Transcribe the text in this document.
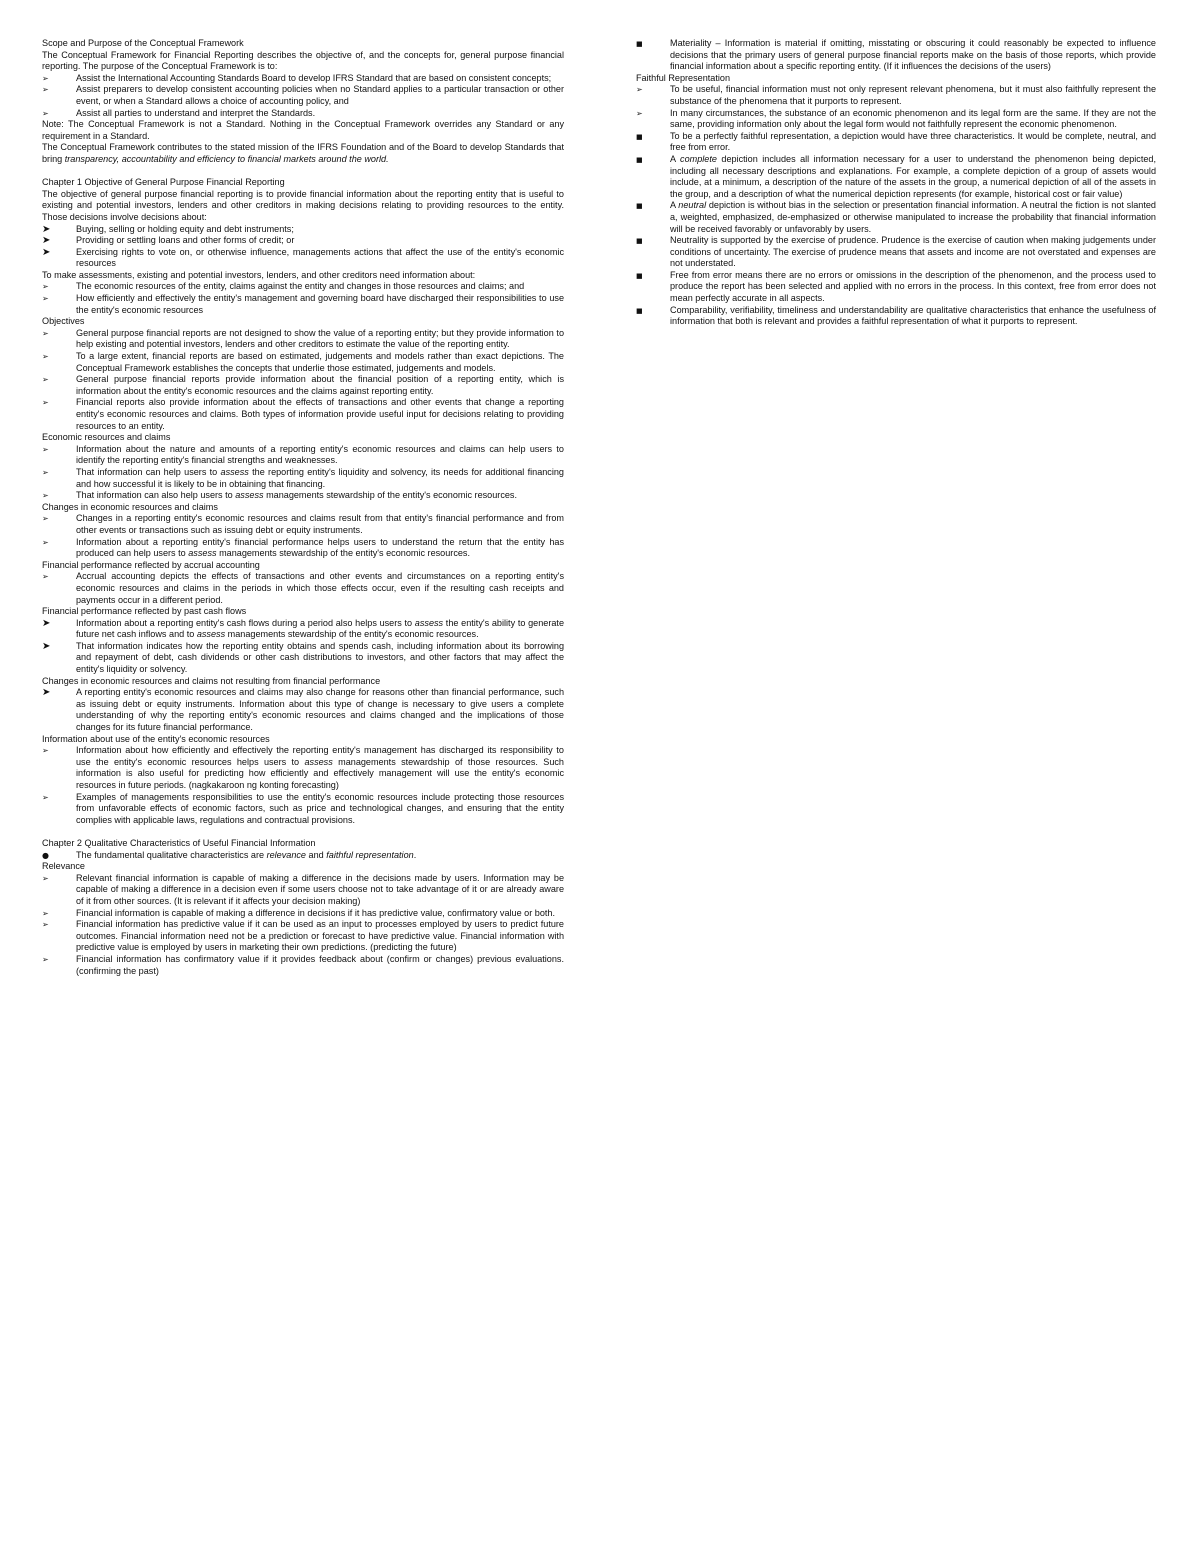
Scope and Purpose of the Conceptual Framework

The Conceptual Framework for Financial Reporting describes the objective of, and the concepts for, general purpose financial reporting. The purpose of the Conceptual Framework is to:

➢	Assist the International Accounting Standards Board to develop IFRS Standard that are based on consistent concepts;
➢	Assist preparers to develop consistent accounting policies when no Standard applies to a particular transaction or other event, or when a Standard allows a choice of accounting policy, and
➢	Assist all parties to understand and interpret the Standards.

Note: The Conceptual Framework is not a Standard. Nothing in the Conceptual Framework overrides any Standard or any requirement in a Standard.

The Conceptual Framework contributes to the stated mission of the IFRS Foundation and of the Board to develop Standards that bring transparency, accountability and efficiency to financial markets around the world.

Chapter 1 Objective of General Purpose Financial Reporting

The objective of general purpose financial reporting is to provide financial information about the reporting entity that is useful to existing and potential investors, lenders and other creditors in making decisions relating to providing resources to the entity. Those decisions involve decisions about:

➤	Buying, selling or holding equity and debt instruments;
➤	Providing or settling loans and other forms of credit; or
➤	Exercising rights to vote on, or otherwise influence, managements actions that affect the use of the entity's economic resources

To make assessments, existing and potential investors, lenders, and other creditors need information about:

➢	The economic resources of the entity, claims against the entity and changes in those resources and claims; and
➢	How efficiently and effectively the entity's management and governing board have discharged their responsibilities to use the entity's economic resources
Objectives
➢	General purpose financial reports are not designed to show the value of a reporting entity; but they provide information to help existing and potential investors, lenders and other creditors to estimate the value of the reporting entity.
➢	To a large extent, financial reports are based on estimated, judgements and models rather than exact depictions. The Conceptual Framework establishes the concepts that underlie those estimated, judgements and models.
➢	General purpose financial reports provide information about the financial position of a reporting entity, which is information about the entity's economic resources and the claims against reporting entity.
➢	Financial reports also provide information about the effects of transactions and other events that change a reporting entity's economic resources and claims. Both types of information provide useful input for decisions relating to providing resources to an entity.
Economic resources and claims
➢	Information about the nature and amounts of a reporting entity's economic resources and claims can help users to identify the reporting entity's financial strengths and weaknesses.
➢	That information can help users to assess the reporting entity's liquidity and solvency, its needs for additional financing and how successful it is likely to be in obtaining that financing.
➢	That information can also help users to assess managements stewardship of the entity's economic resources.
Changes in economic resources and claims
➢	Changes in a reporting entity's economic resources and claims result from that entity's financial performance and from other events or transactions such as issuing debt or equity instruments.
➢	Information about a reporting entity's financial performance helps users to understand the return that the entity has produced can help users to assess managements stewardship of the entity's economic resources.
Financial performance reflected by accrual accounting
➢	Accrual accounting depicts the effects of transactions and other events and circumstances on a reporting entity's economic resources and claims in the periods in which those effects occur, even if the resulting cash receipts and payments occur in a different period.
Financial performance reflected by past cash flows
➤	Information about a reporting entity's cash flows during a period also helps users to assess the entity's ability to generate future net cash inflows and to assess managements stewardship of the entity's economic resources.
➤	That information indicates how the reporting entity obtains and spends cash, including information about its borrowing and repayment of debt, cash dividends or other cash distributions to investors, and other factors that may affect the entity's liquidity or solvency.
Changes in economic resources and claims not resulting from financial performance
➤	A reporting entity's economic resources and claims may also change for reasons other than financial performance, such as issuing debt or equity instruments. Information about this type of change is necessary to give users a complete understanding of why the reporting entity's economic resources and claims changed and the implications of those changes for its future financial performance.
Information about use of the entity's economic resources
➢	Information about how efficiently and effectively the reporting entity's management has discharged its responsibility to use the entity's economic resources helps users to assess managements stewardship of those resources. Such information is also useful for predicting how efficiently and effectively management will use the entity's economic resources in future periods. (nagkakaroon ng konting forecasting)
➢	Examples of managements responsibilities to use the entity's economic resources include protecting those resources from unfavorable effects of economic factors, such as price and technological changes, and ensuring that the entity complies with applicable laws, regulations and contractual provisions.
Chapter 2 Qualitative Characteristics of Useful Financial Information
●	The fundamental qualitative characteristics are relevance and faithful representation.
Relevance
➢	Relevant financial information is capable of making a difference in the decisions made by users. Information may be capable of making a difference in a decision even if some users choose not to take advantage of it or are already aware of it from other sources. (It is relevant if it affects your decision making)
➢	Financial information is capable of making a difference in decisions if it has predictive value, confirmatory value or both.
➢	Financial information has predictive value if it can be used as an input to processes employed by users to predict future outcomes. Financial information need not be a prediction or forecast to have predictive value. Financial information with predictive value is employed by users in marketing their own predictions. (predicting the future)
➢	Financial information has confirmatory value if it provides feedback about (confirm or changes) previous evaluations. (confirming the past)
■	Materiality – Information is material if omitting, misstating or obscuring it could reasonably be expected to influence decisions that the primary users of general purpose financial reports make on the basis of those reports, which provide financial information about a specific reporting entity. (If it influences the decisions of the users)
Faithful Representation
➢	To be useful, financial information must not only represent relevant phenomena, but it must also faithfully represent the substance of the phenomena that it purports to represent.
➢	In many circumstances, the substance of an economic phenomenon and its legal form are the same. If they are not the same, providing information only about the legal form would not faithfully represent the economic phenomenon.
■	To be a perfectly faithful representation, a depiction would have three characteristics. It would be complete, neutral, and free from error.
■	A complete depiction includes all information necessary for a user to understand the phenomenon being depicted, including all necessary descriptions and explanations. For example, a complete depiction of a group of assets would include, at a minimum, a description of the nature of the assets in the group, a numerical depiction of all of the assets in the group, and a description of what the numerical depiction represents (for example, historical cost or fair value)
■	A neutral depiction is without bias in the selection or presentation financial information. A neutral the fiction is not slanted a, weighted, emphasized, de-emphasized or otherwise manipulated to increase the probability that financial information will be received favorably or unfavorably by users.
■	Neutrality is supported by the exercise of prudence. Prudence is the exercise of caution when making judgements under conditions of uncertainty. The exercise of prudence means that assets and income are not overstated and expenses are not understated.
■	Free from error means there are no errors or omissions in the description of the phenomenon, and the process used to produce the report has been selected and applied with no errors in the process. In this context, free from error does not mean perfectly accurate in all aspects.
■	Comparability, verifiability, timeliness and understandability are qualitative characteristics that enhance the usefulness of information that both is relevant and provides a faithful representation of what it purports to represent.
